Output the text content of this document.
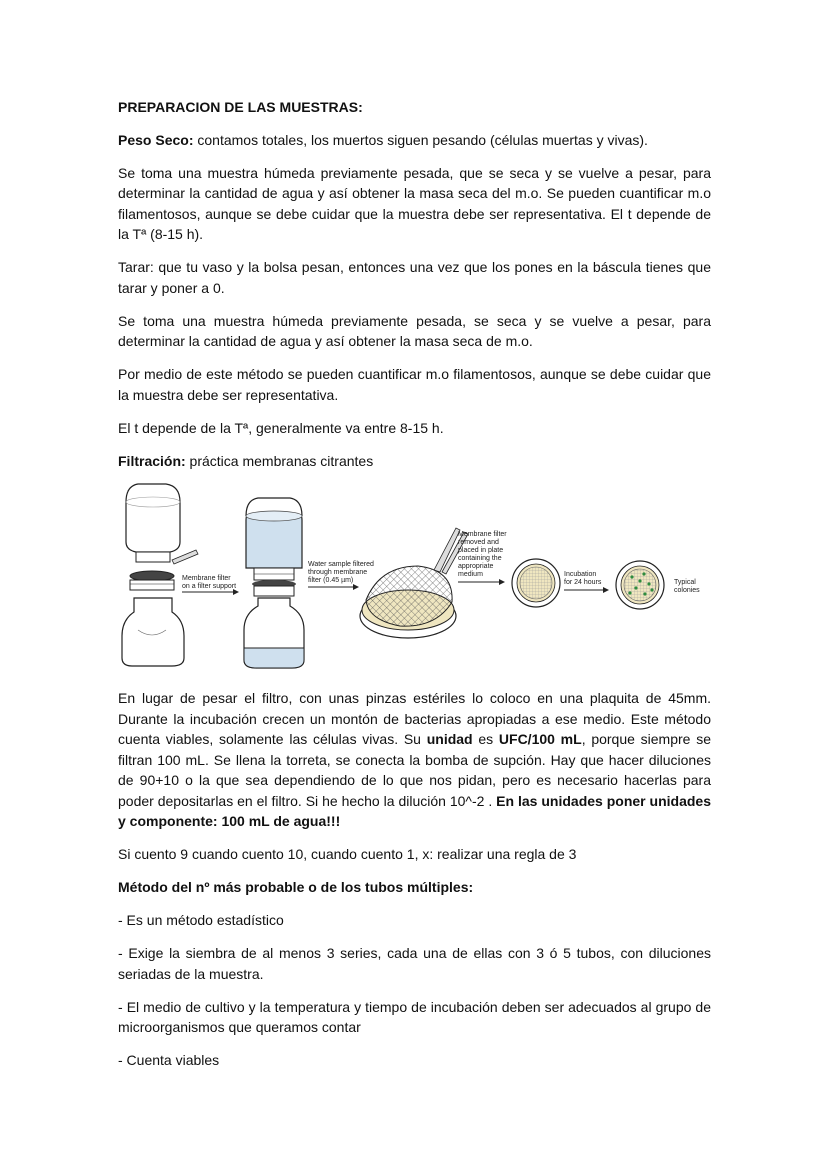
PREPARACION DE LAS MUESTRAS:

Peso Seco: contamos totales, los muertos siguen pesando (células muertas y vivas).

Se toma una muestra húmeda previamente pesada, que se seca y se vuelve a pesar, para determinar la cantidad de agua y así obtener la masa seca del m.o. Se pueden cuantificar m.o filamentosos, aunque se debe cuidar que la muestra debe ser representativa. El t depende de la Tª (8-15 h).

Tarar: que tu vaso y la bolsa pesan, entonces una vez que los pones en la báscula tienes que tarar y poner a 0.

Se toma una muestra húmeda previamente pesada, se seca y se vuelve a pesar, para determinar la cantidad de agua y así obtener la masa seca de m.o.

Por medio de este método se pueden cuantificar m.o filamentosos, aunque se debe cuidar que la muestra debe ser representativa.

El t depende de la Tª, generalmente va entre 8-15 h.

Filtración: práctica membranas citrantes

Membrane filter
on a filter support
Water sample filtered
through membrane
filter (0.45 µm)
Membrane filter
removed and
placed in plate
containing the
appropriate
medium	Incubation
for 24 hours	Typical
colonies

En lugar de pesar el filtro, con unas pinzas estériles lo coloco en una plaquita de 45mm. Durante la incubación crecen un montón de bacterias apropiadas a ese medio. Este método cuenta viables, solamente las células vivas. Su unidad es UFC/100 mL, porque siempre se filtran 100 mL. Se llena la torreta, se conecta la bomba de supción. Hay que hacer diluciones de 90+10 o la que sea dependiendo de lo que nos pidan, pero es necesario hacerlas para poder depositarlas en el filtro. Si he hecho la dilución 10^-2 . En las unidades poner unidades y componente: 100 mL de agua!!!

Si cuento 9 cuando cuento 10, cuando cuento 1, x: realizar una regla de 3

Método del nº más probable o de los tubos múltiples:

- Es un método estadístico

- Exige la siembra de al menos 3 series, cada una de ellas con 3 ó 5 tubos, con diluciones seriadas de la muestra.

- El medio de cultivo y la temperatura y tiempo de incubación deben ser adecuados al grupo de microorganismos que queramos contar

- Cuenta viables
